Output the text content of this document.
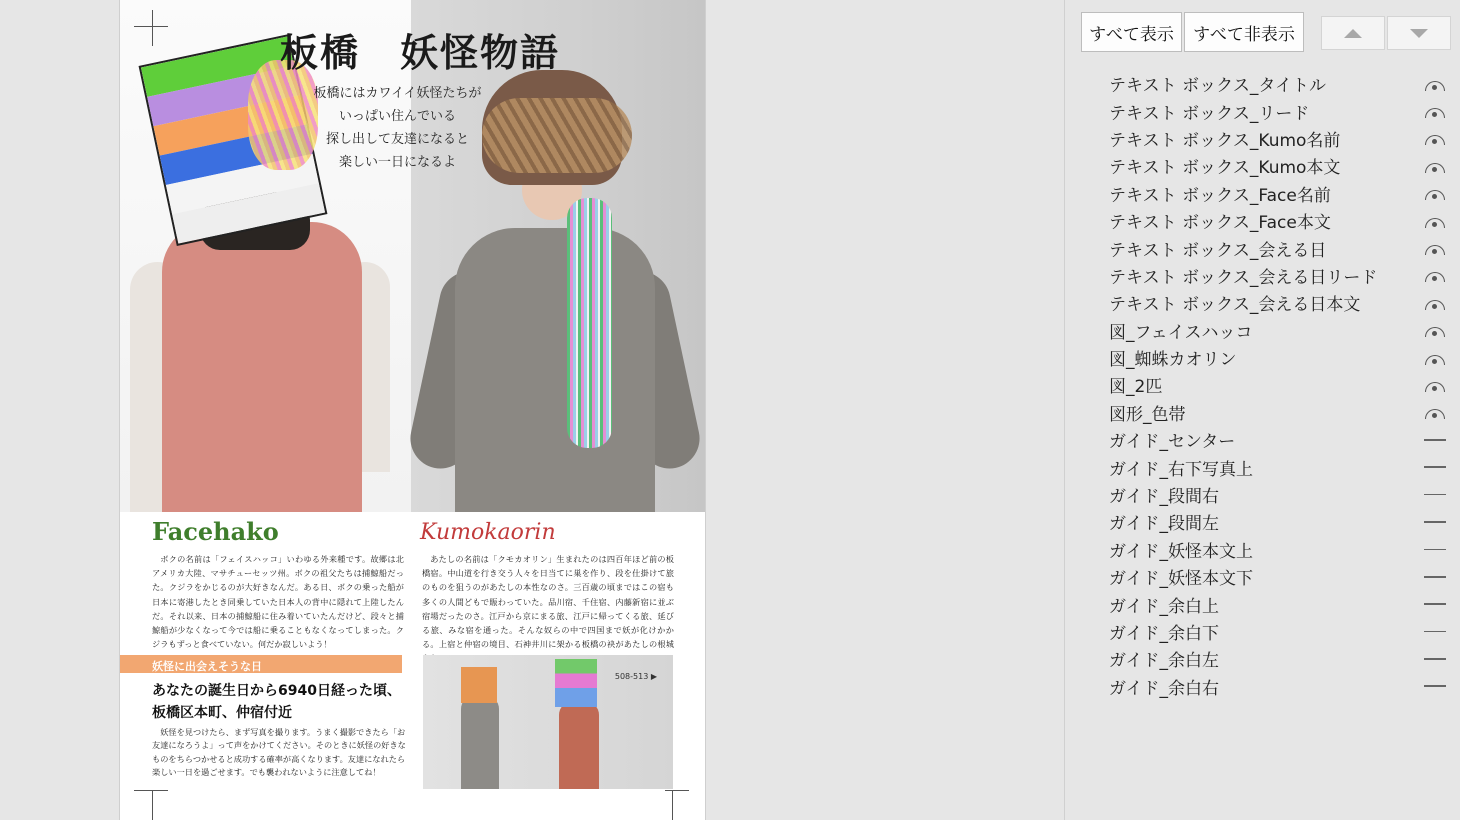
板橋　妖怪物語
板橋にはカワイイ妖怪たちが
いっぱい住んでいる
探し出して友達になると
楽しい一日になるよ
Facehako	Kumokaorin
ボクの名前は「フェイスハッコ」いわゆる外来種です。故郷は北アメリカ大陸、マサチューセッツ州。ボクの祖父たちは捕鯨船だった。クジラをかじるのが大好きなんだ。ある日、ボクの乗った船が日本に寄港したとき同乗していた日本人の背中に隠れて上陸したんだ。それ以来、日本の捕鯨船に住み着いていたんだけど、段々と捕鯨船が少なくなって今では船に乗ることもなくなってしまった。クジラもずっと食べていない。何だか寂しいよう！
あたしの名前は「クモカオリン」生まれたのは四百年ほど前の板橋宿。中山道を行き交う人々を日当てに巣を作り、段を仕掛けて旅のものを狙うのがあたしの本性なのさ。三百歳の頃まではこの宿も多くの人間どもで賑わっていた。品川宿、千住宿、内藤新宿に並ぶ宿場だったのさ。江戸から京にまる旅、江戸に帰ってくる旅、延びる旅、みな宿を通った。そんな奴らの中で四国まで妖が化けかかる。上宿と仲宿の境目、石神井川に架かる板橋の袂があたしの根城
妖怪に出会えそうな日
あなたの誕生日から6940日経った頃、板橋区本町、仲宿付近
妖怪を見つけたら、まず写真を撮ります。うまく撮影できたら「お友達になろうよ」って声をかけてください。そのときに妖怪の好きなものをちらつかせると成功する確率が高くなります。友達になれたら楽しい一日を過ごせます。でも襲われないように注意してね！
508-513 ▶
すべて表示	すべて非表示
テキスト ボックス_タイトル
テキスト ボックス_リード
テキスト ボックス_Kumo名前
テキスト ボックス_Kumo本文
テキスト ボックス_Face名前
テキスト ボックス_Face本文
テキスト ボックス_会える日
テキスト ボックス_会える日リード
テキスト ボックス_会える日本文
図_フェイスハッコ
図_蜘蛛カオリン
図_2匹
図形_色帯
ガイド_センター
ガイド_右下写真上
ガイド_段間右
ガイド_段間左
ガイド_妖怪本文上
ガイド_妖怪本文下
ガイド_余白上
ガイド_余白下
ガイド_余白左
ガイド_余白右
